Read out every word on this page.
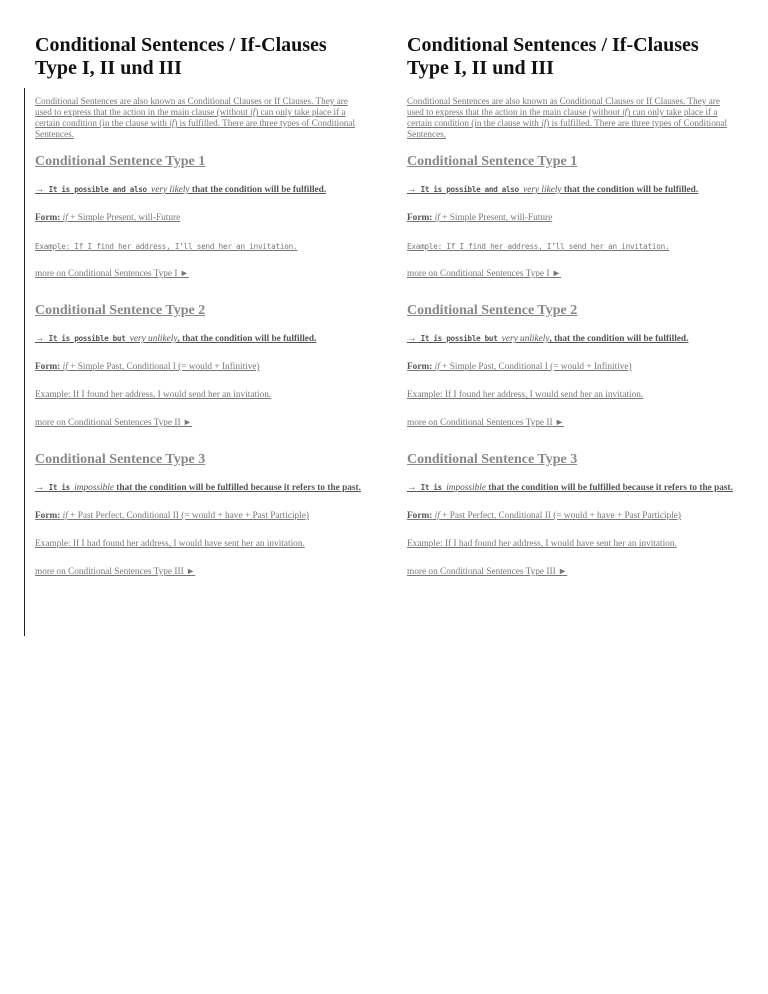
Conditional Sentences / If-Clauses
Type I, II und III
Conditional Sentences are also known as Conditional Clauses or If Clauses. They are used to express that the action in the main clause (without if) can only take place if a certain condition (in the clause with if) is fulfilled. There are three types of Conditional Sentences.
Conditional Sentence Type 1
→ It is possible and also very likely that the condition will be fulfilled.
Form: if + Simple Present, will-Future
Example: If I find her address, I’ll send her an invitation.
more on Conditional Sentences Type I ►
Conditional Sentence Type 2
→ It is possible but very unlikely, that the condition will be fulfilled.
Form: if + Simple Past, Conditional I (= would + Infinitive)
Example: If I found her address, I would send her an invitation.
more on Conditional Sentences Type II ►
Conditional Sentence Type 3
→ It is impossible that the condition will be fulfilled because it refers to the past.
Form: if + Past Perfect, Conditional II (= would + have + Past Participle)
Example: If I had found her address, I would have sent her an invitation.
more on Conditional Sentences Type III ►
Conditional Sentences / If-Clauses
Type I, II und III
Conditional Sentences are also known as Conditional Clauses or If Clauses. They are used to express that the action in the main clause (without if) can only take place if a certain condition (in the clause with if) is fulfilled. There are three types of Conditional Sentences.
Conditional Sentence Type 1
→ It is possible and also very likely that the condition will be fulfilled.
Form: if + Simple Present, will-Future
Example: If I find her address, I’ll send her an invitation.
more on Conditional Sentences Type I ►
Conditional Sentence Type 2
→ It is possible but very unlikely, that the condition will be fulfilled.
Form: if + Simple Past, Conditional I (= would + Infinitive)
Example: If I found her address, I would send her an invitation.
more on Conditional Sentences Type II ►
Conditional Sentence Type 3
→ It is impossible that the condition will be fulfilled because it refers to the past.
Form: if + Past Perfect, Conditional II (= would + have + Past Participle)
Example: If I had found her address, I would have sent her an invitation.
more on Conditional Sentences Type III ►
